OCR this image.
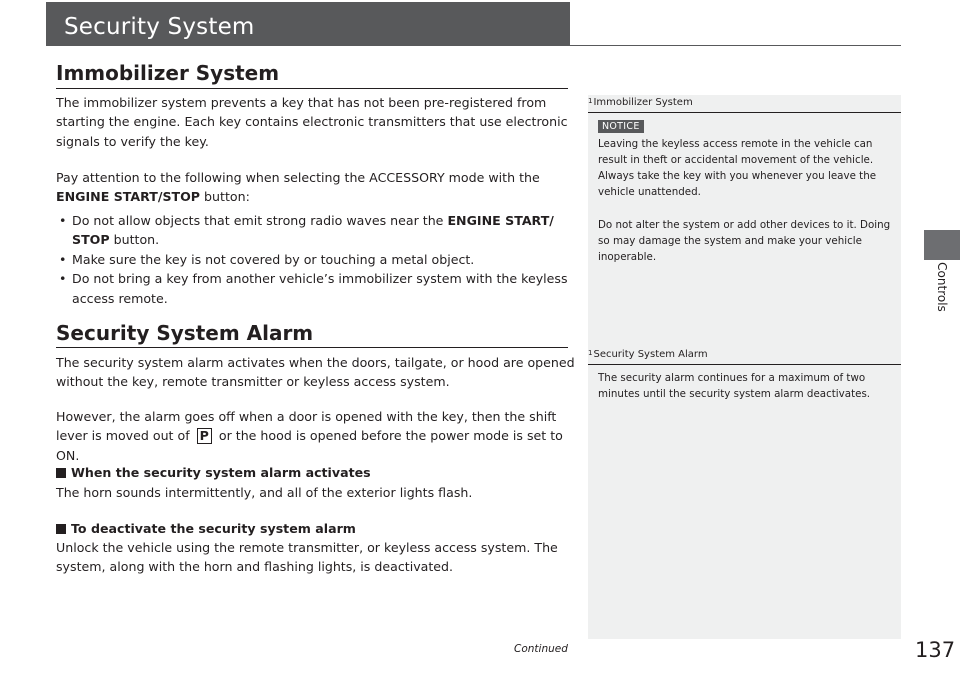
Security System
Controls
Immobilizer System
The immobilizer system prevents a key that has not been pre-registered from starting the engine. Each key contains electronic transmitters that use electronic signals to verify the key.
Pay attention to the following when selecting the ACCESSORY mode with the ENGINE START/STOP button:
• Do not allow objects that emit strong radio waves near the ENGINE START/ STOP button.
• Make sure the key is not covered by or touching a metal object.
• Do not bring a key from another vehicle’s immobilizer system with the keyless access remote.
Security System Alarm
The security system alarm activates when the doors, tailgate, or hood are opened without the key, remote transmitter or keyless access system.
However, the alarm goes off when a door is opened with the key, then the shift lever is moved out of P or the hood is opened before the power mode is set to ON.
When the security system alarm activates
The horn sounds intermittently, and all of the exterior lights flash.
To deactivate the security system alarm
Unlock the vehicle using the remote transmitter, or keyless access system. The system, along with the horn and flashing lights, is deactivated.
$^1$Immobilizer System
NOTICE
Leaving the keyless access remote in the vehicle can result in theft or accidental movement of the vehicle. Always take the key with you whenever you leave the vehicle unattended.
Do not alter the system or add other devices to it. Doing so may damage the system and make your vehicle inoperable.
$^1$Security System Alarm
The security alarm continues for a maximum of two minutes until the security system alarm deactivates.
Continued	137
